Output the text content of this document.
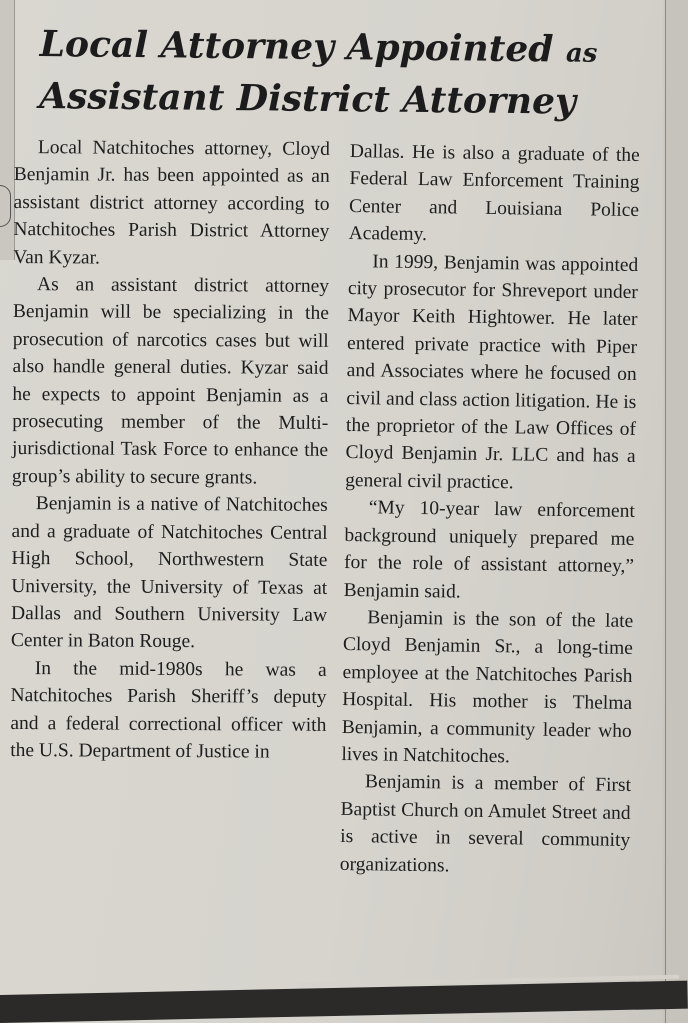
Local Attorney Appointed as
Assistant District Attorney

Local Natchitoches attorney, Cloyd Benjamin Jr. has been appointed as an assistant district attorney according to Natchitoches Parish District Attorney Van Kyzar.

As an assistant district attorney Benjamin will be specializing in the prosecution of narcotics cases but will also handle general duties. Kyzar said he expects to appoint Benjamin as a prosecuting member of the Multi-jurisdictional Task Force to enhance the group’s ability to secure grants.

Benjamin is a native of Natchitoches and a graduate of Natchitoches Central High School, Northwestern State University, the University of Texas at Dallas and Southern University Law Center in Baton Rouge.

In the mid-1980s he was a Natchitoches Parish Sheriff’s deputy and a federal correctional officer with the U.S. Department of Justice in

Dallas. He is also a graduate of the Federal Law Enforcement Training Center and Louisiana Police Academy.

In 1999, Benjamin was appointed city prosecutor for Shreveport under Mayor Keith Hightower. He later entered private practice with Piper and Associates where he focused on civil and class action litigation. He is the proprietor of the Law Offices of Cloyd Benjamin Jr. LLC and has a general civil practice.

“My 10-year law enforcement background uniquely prepared me for the role of assistant attorney,” Benjamin said.

Benjamin is the son of the late Cloyd Benjamin Sr., a long-time employee at the Natchitoches Parish Hospital. His mother is Thelma Benjamin, a community leader who lives in Natchitoches.

Benjamin is a member of First Baptist Church on Amulet Street and is active in several community organizations.
